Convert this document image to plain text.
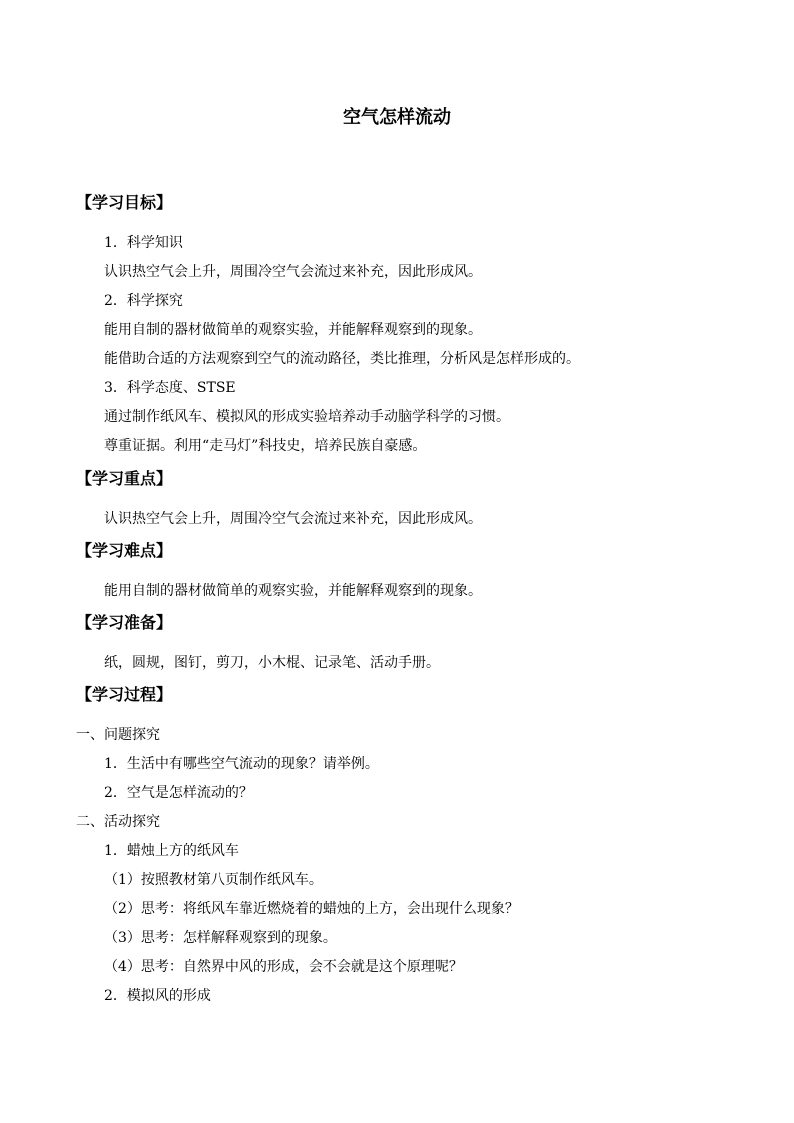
空气怎样流动
【学习目标】
1．科学知识
认识热空气会上升，周围冷空气会流过来补充，因此形成风。
2．科学探究
能用自制的器材做简单的观察实验，并能解释观察到的现象。
能借助合适的方法观察到空气的流动路径，类比推理，分析风是怎样形成的。
3．科学态度、STSE
通过制作纸风车、模拟风的形成实验培养动手动脑学科学的习惯。
尊重证据。利用“走马灯”科技史，培养民族自豪感。
【学习重点】
认识热空气会上升，周围冷空气会流过来补充，因此形成风。
【学习难点】
能用自制的器材做简单的观察实验，并能解释观察到的现象。
【学习准备】
纸，圆规，图钉，剪刀，小木棍、记录笔、活动手册。
【学习过程】
一、问题探究
1．生活中有哪些空气流动的现象？请举例。
2．空气是怎样流动的？
二、活动探究
1．蜡烛上方的纸风车
（1）按照教材第八页制作纸风车。
（2）思考：将纸风车靠近燃烧着的蜡烛的上方，会出现什么现象？
（3）思考：怎样解释观察到的现象。
（4）思考：自然界中风的形成，会不会就是这个原理呢？
2．模拟风的形成
